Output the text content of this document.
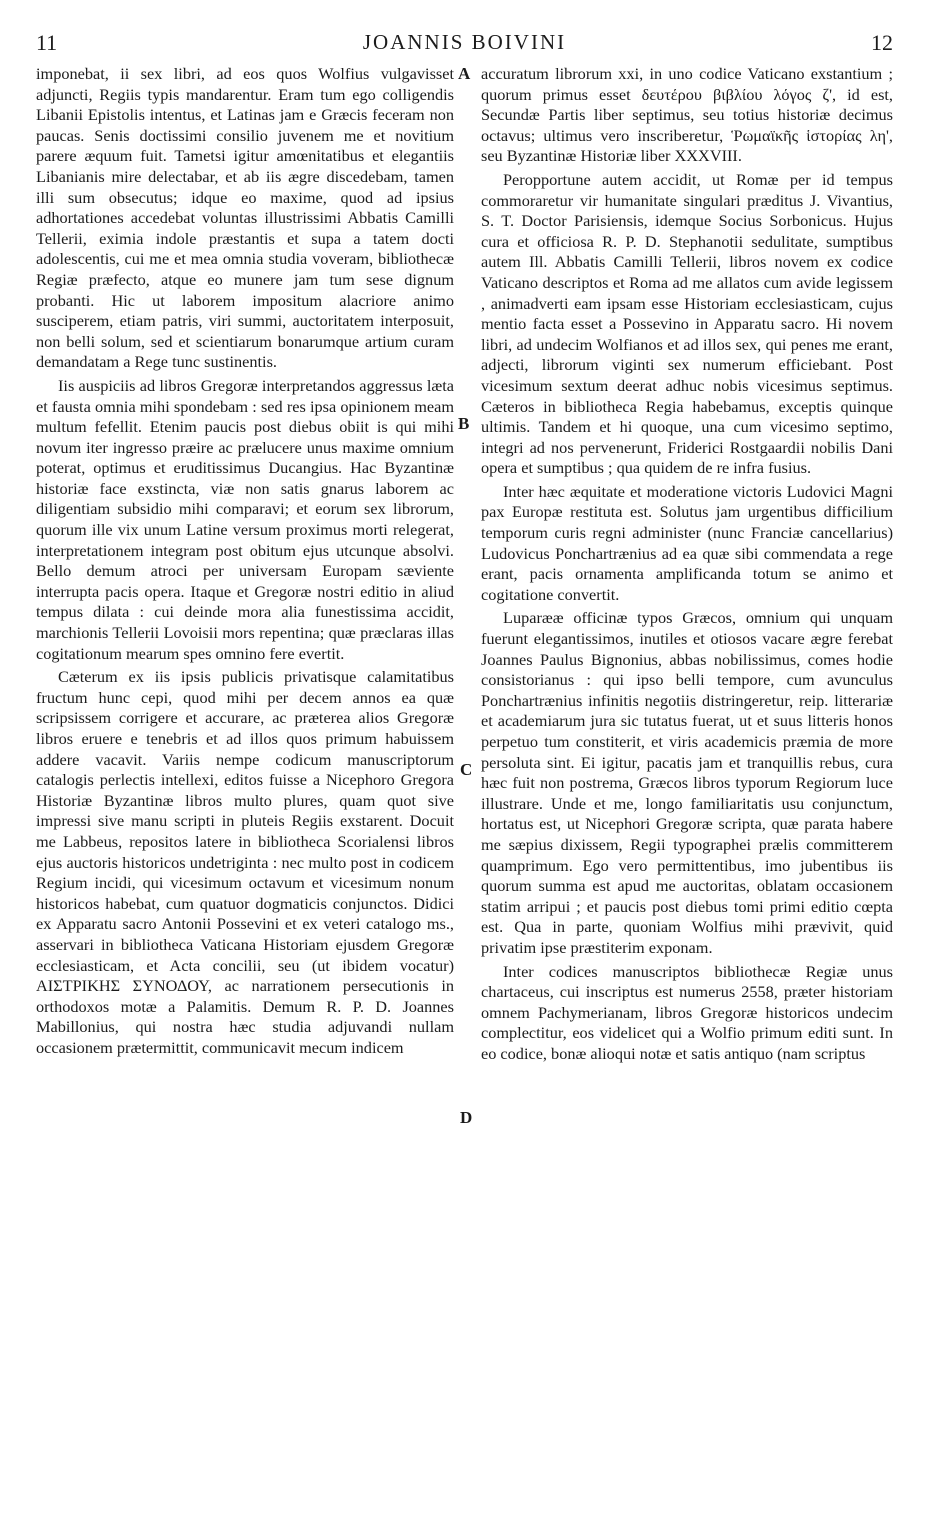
11	JOANNIS BOIVINI	12

imponebat, ii sex libri, ad eos quos Wolfius vulgavisset adjuncti, Regiis typis mandarentur. Eram tum ego colligendis Libanii Epistolis intentus, et Latinas jam e Græcis feceram non paucas. Senis doctissimi consilio juvenem me et novitium parere æquum fuit. Tametsi igitur amœnitatibus et elegantiis Libanianis mire delectabar, et ab iis ægre discedebam, tamen illi sum obsecutus; idque eo maxime, quod ad ipsius adhortationes accedebat voluntas illustrissimi Abbatis Camilli Tellerii, eximia indole præstantis et supa a tatem docti adolescentis, cui me et mea omnia studia voveram, bibliothecæ Regiæ præfecto, atque eo munere jam tum sese dignum probanti. Hic ut laborem impositum alacriore animo susciperem, etiam patris, viri summi, auctoritatem interposuit, non belli solum, sed et scientiarum bonarumque artium curam demandatam a Rege tunc sustinentis.

Iis auspiciis ad libros Gregoræ interpretandos aggressus læta et fausta omnia mihi spondebam : sed res ipsa opinionem meam multum fefellit. Etenim paucis post diebus obiit is qui mihi novum iter ingresso præire ac prælucere unus maxime omnium poterat, optimus et eruditissimus Ducangius. Hac Byzantinæ historiæ face exstincta, viæ non satis gnarus laborem ac diligentiam subsidio mihi comparavi; et eorum sex librorum, quorum ille vix unum Latine versum proximus morti relegerat, interpretationem integram post obitum ejus utcunque absolvi. Bello demum atroci per universam Europam sæviente interrupta pacis opera. Itaque et Gregoræ nostri editio in aliud tempus dilata : cui deinde mora alia funestissima accidit, marchionis Tellerii Lovoisii mors repentina; quæ præclaras illas cogitationum mearum spes omnino fere evertit.

Cæterum ex iis ipsis publicis privatisque calamitatibus fructum hunc cepi, quod mihi per decem annos ea quæ scripsissem corrigere et accurare, ac præterea alios Gregoræ libros eruere e tenebris et ad illos quos primum habuissem addere vacavit. Variis nempe codicum manuscriptorum catalogis perlectis intellexi, editos fuisse a Nicephoro Gregora Historiæ Byzantinæ libros multo plures, quam quot sive impressi sive manu scripti in pluteis Regiis exstarent. Docuit me Labbeus, repositos latere in bibliotheca Scorialensi libros ejus auctoris historicos undetriginta : nec multo post in codicem Regium incidi, qui vicesimum octavum et vicesimum nonum historicos habebat, cum quatuor dogmaticis conjunctos. Didici ex Apparatu sacro Antonii Possevini et ex veteri catalogo ms., asservari in bibliotheca Vaticana Historiam ejusdem Gregoræ ecclesiasticam, et Acta concilii, seu (ut ibidem vocatur) ΑΙΣΤΡΙΚΗΣ ΣΥΝΟΔΟΥ, ac narrationem persecutionis in orthodoxos motæ a Palamitis. Demum R. P. D. Joannes Mabillonius, qui nostra hæc studia adjuvandi nullam occasionem prætermittit, communicavit mecum indicem

A
B
C
D

accuratum librorum xxi, in uno codice Vaticano exstantium ; quorum primus esset δευτέρου βιβλίου λόγος ζ', id est, Secundæ Partis liber septimus, seu totius historiæ decimus octavus; ultimus vero inscriberetur, Ῥωμαϊκῆς ἱστορίας λη', seu Byzantinæ Historiæ liber XXXVIII.

Peropportune autem accidit, ut Romæ per id tempus commoraretur vir humanitate singulari præditus J. Vivantius, S. T. Doctor Parisiensis, idemque Socius Sorbonicus. Hujus cura et officiosa R. P. D. Stephanotii sedulitate, sumptibus autem Ill. Abbatis Camilli Tellerii, libros novem ex codice Vaticano descriptos et Roma ad me allatos cum avide legissem , animadverti eam ipsam esse Historiam ecclesiasticam, cujus mentio facta esset a Possevino in Apparatu sacro. Hi novem libri, ad undecim Wolfianos et ad illos sex, qui penes me erant, adjecti, librorum viginti sex numerum efficiebant. Post vicesimum sextum deerat adhuc nobis vicesimus septimus. Cæteros in bibliotheca Regia habebamus, exceptis quinque ultimis. Tandem et hi quoque, una cum vicesimo septimo, integri ad nos pervenerunt, Friderici Rostgaardii nobilis Dani opera et sumptibus ; qua quidem de re infra fusius.

Inter hæc æquitate et moderatione victoris Ludovici Magni pax Europæ restituta est. Solutus jam urgentibus difficilium temporum curis regni administer (nunc Franciæ cancellarius) Ludovicus Ponchartrænius ad ea quæ sibi commendata a rege erant, pacis ornamenta amplificanda totum se animo et cogitatione convertit.

Luparææ officinæ typos Græcos, omnium qui unquam fuerunt elegantissimos, inutiles et otiosos vacare ægre ferebat Joannes Paulus Bignonius, abbas nobilissimus, comes hodie consistorianus : qui ipso belli tempore, cum avunculus Ponchartrænius infinitis negotiis distringeretur, reip. litterariæ et academiarum jura sic tutatus fuerat, ut et suus litteris honos perpetuo tum constiterit, et viris academicis præmia de more persoluta sint. Ei igitur, pacatis jam et tranquillis rebus, cura hæc fuit non postrema, Græcos libros typorum Regiorum luce illustrare. Unde et me, longo familiaritatis usu conjunctum, hortatus est, ut Nicephori Gregoræ scripta, quæ parata habere me sæpius dixissem, Regii typographei prælis committerem quamprimum. Ego vero permittentibus, imo jubentibus iis quorum summa est apud me auctoritas, oblatam occasionem statim arripui ; et paucis post diebus tomi primi editio cœpta est. Qua in parte, quoniam Wolfius mihi prævivit, quid privatim ipse præstiterim exponam.

Inter codices manuscriptos bibliothecæ Regiæ unus chartaceus, cui inscriptus est numerus 2558, præter historiam omnem Pachymerianam, libros Gregoræ historicos undecim complectitur, eos videlicet qui a Wolfio primum editi sunt. In eo codice, bonæ alioqui notæ et satis antiquo (nam scriptus
